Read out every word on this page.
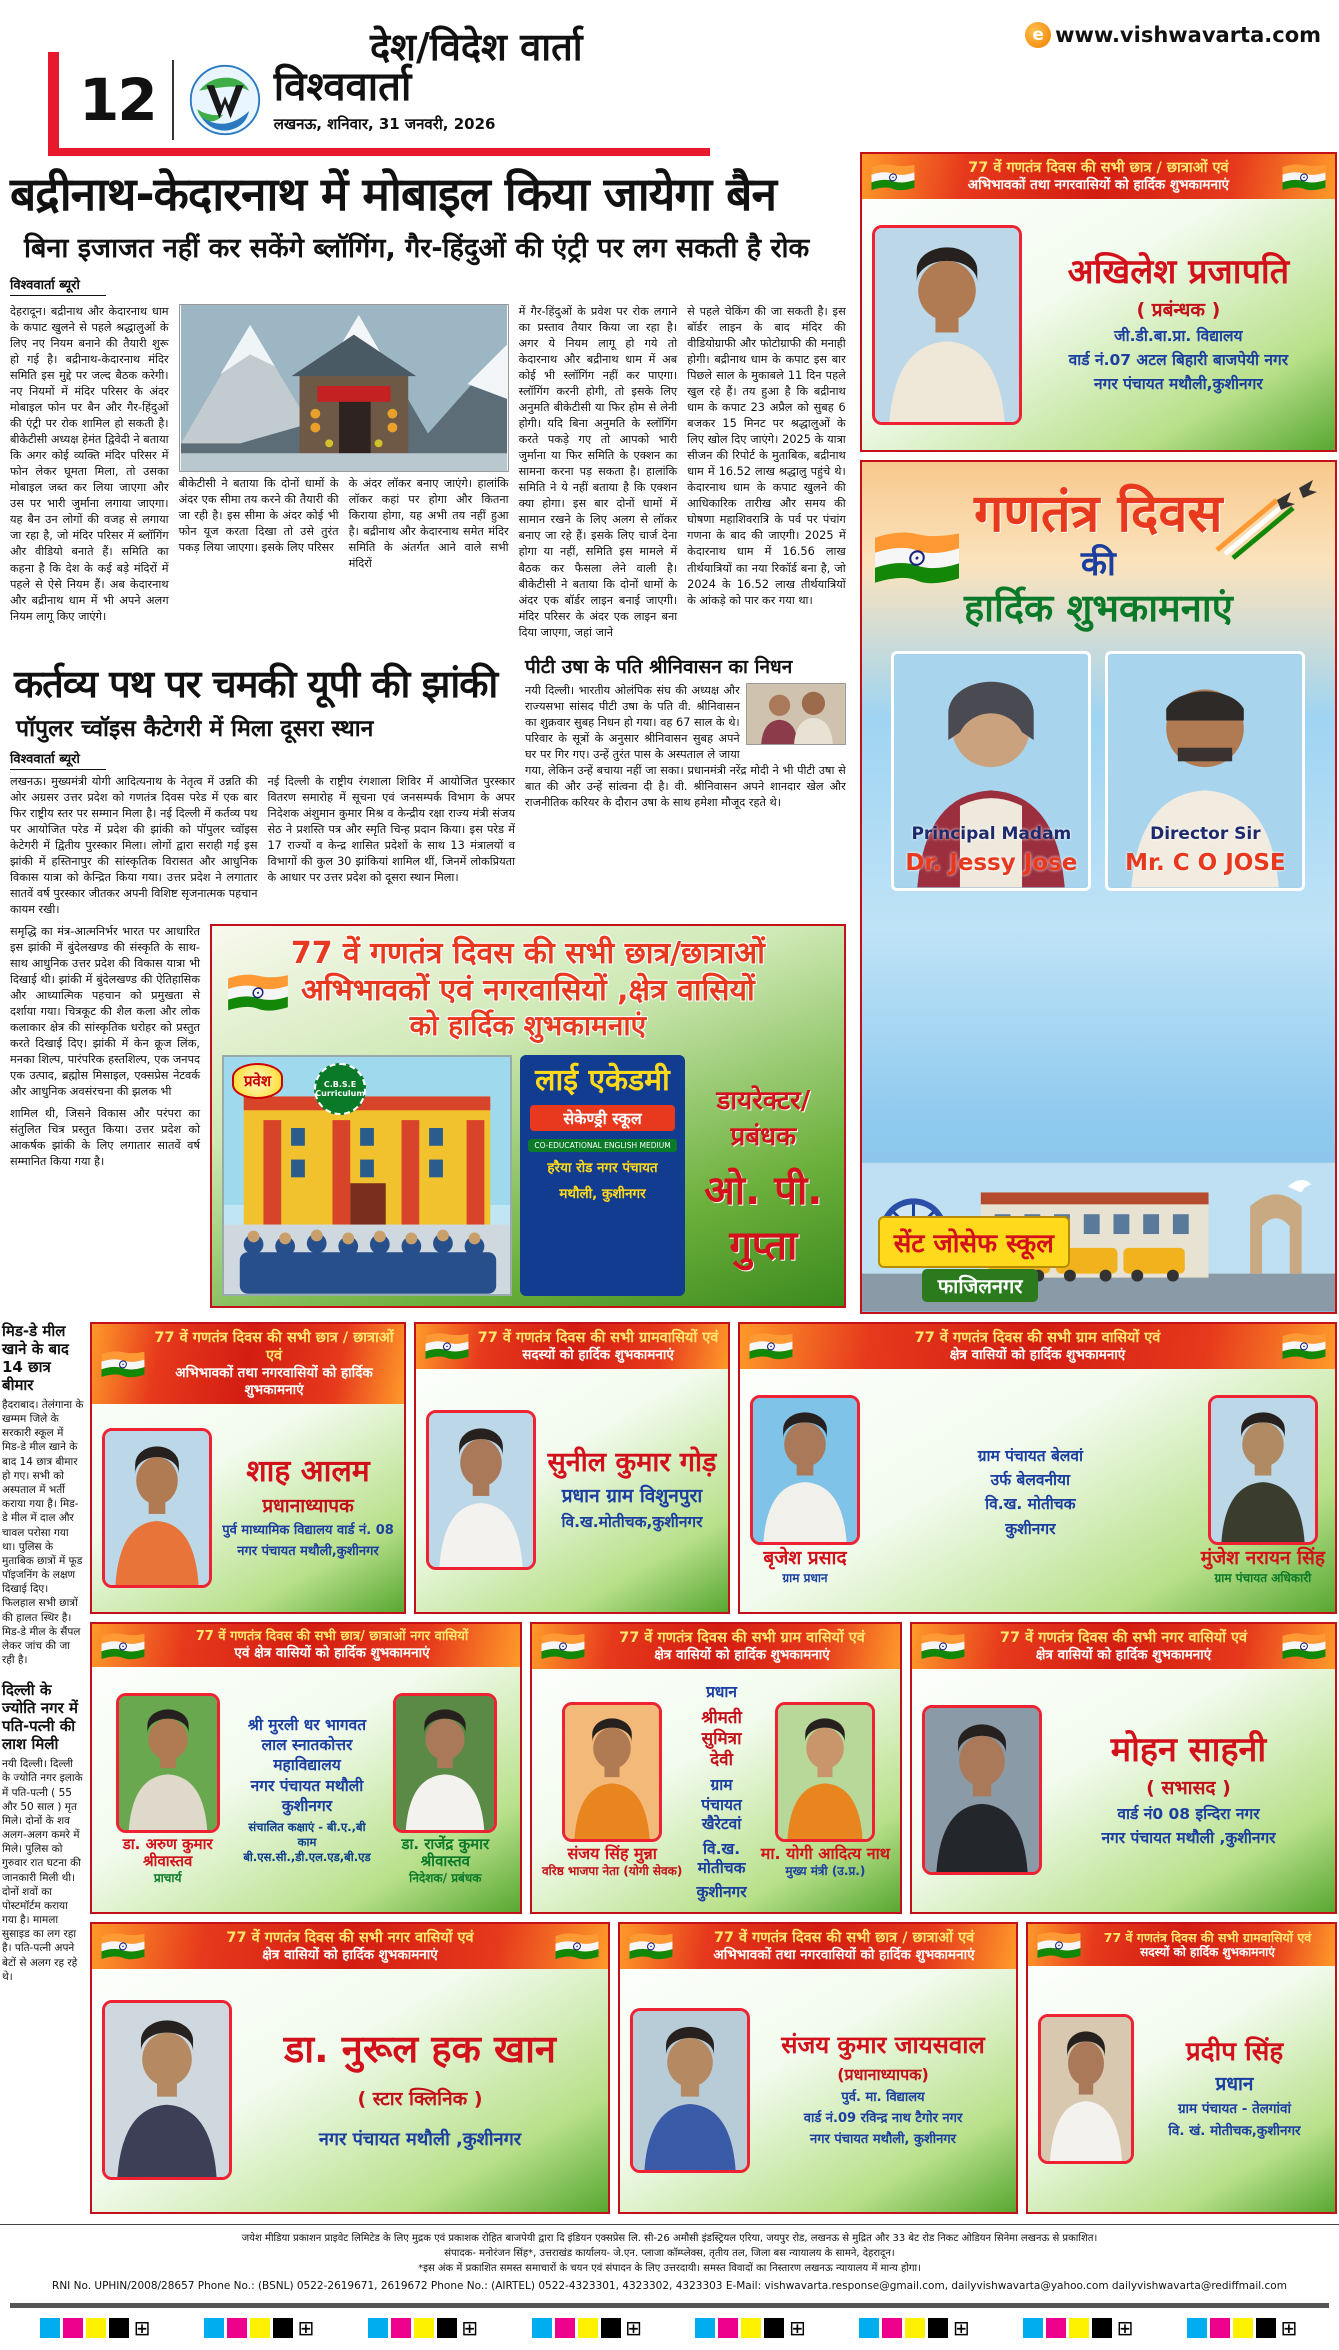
12	विश्ववार्ता
लखनऊ, शनिवार, 31 जनवरी, 2026
देश/विदेश वार्ता	e www.vishwavarta.com
बद्रीनाथ-केदारनाथ में मोबाइल किया जायेगा बैन
बिना इजाजत नहीं कर सकेंगे ब्लॉगिंग, गैर-हिंदुओं की एंट्री पर लग सकती है रोक
विश्ववार्ता ब्यूरो
देहरादून। बद्रीनाथ और केदारनाथ धाम के कपाट खुलने से पहले श्रद्धालुओं के लिए नए नियम बनाने की तैयारी शुरू हो गई है। बद्रीनाथ-केदारनाथ मंदिर समिति इस मुद्दे पर जल्द बैठक करेगी। नए नियमों में मंदिर परिसर के अंदर मोबाइल फोन पर बैन और गैर-हिंदुओं की एंट्री पर रोक शामिल हो सकती है। बीकेटीसी अध्यक्ष हेमंत द्विवेदी ने बताया कि अगर कोई व्यक्ति मंदिर परिसर में फोन लेकर घूमता मिला, तो उसका मोबाइल जब्त कर लिया जाएगा और उस पर भारी जुर्माना लगाया जाएगा। यह बैन उन लोगों की वजह से लगाया जा रहा है, जो मंदिर परिसर में ब्लॉगिंग और वीडियो बनाते हैं। समिति का कहना है कि देश के कई बड़े मंदिरों में पहले से ऐसे नियम हैं। अब केदारनाथ और बद्रीनाथ धाम में भी अपने अलग नियम लागू किए जाएंगे।
बीकेटीसी ने बताया कि दोनों धामों के अंदर एक सीमा तय करने की तैयारी की जा रही है। इस सीमा के अंदर कोई भी फोन यूज करता दिखा तो उसे तुरंत पकड़ लिया जाएगा। इसके लिए परिसर
के अंदर लॉकर बनाए जाएंगे। हालांकि लॉकर कहां पर होगा और कितना किराया होगा, यह अभी तय नहीं हुआ है। बद्रीनाथ और केदारनाथ समेत मंदिर समिति के अंतर्गत आने वाले सभी मंदिरों
में गैर-हिंदुओं के प्रवेश पर रोक लगाने का प्रस्ताव तैयार किया जा रहा है। अगर ये नियम लागू हो गये तो केदारनाथ और बद्रीनाथ धाम में अब कोई भी स्लॉगिंग नहीं कर पाएगा। स्लॉगिंग करनी होगी, तो इसके लिए अनुमति बीकेटीसी या फिर होम से लेनी होगी। यदि बिना अनुमति के स्लॉगिंग करते पकड़े गए तो आपको भारी जुर्माना या फिर समिति के एक्शन का सामना करना पड़ सकता है। हालांकि समिति ने ये नहीं बताया है कि एक्शन क्या होगा। इस बार दोनों धामों में सामान रखने के लिए अलग से लॉकर बनाए जा रहे हैं। इसके लिए चार्ज देना होगा या नहीं, समिति इस मामले में बैठक कर फैसला लेने वाली है। बीकेटीसी ने बताया कि दोनों धामों के अंदर एक बॉर्डर लाइन बनाई जाएगी। मंदिर परिसर के अंदर एक लाइन बना दिया जाएगा, जहां जाने
से पहले चेकिंग की जा सकती है। इस बॉर्डर लाइन के बाद मंदिर की वीडियोग्राफी और फोटोग्राफी की मनाही होगी। बद्रीनाथ धाम के कपाट इस बार पिछले साल के मुकाबले 11 दिन पहले खुल रहे हैं। तय हुआ है कि बद्रीनाथ धाम के कपाट 23 अप्रैल को सुबह 6 बजकर 15 मिनट पर श्रद्धालुओं के लिए खोल दिए जाएंगे। 2025 के यात्रा सीजन की रिपोर्ट के मुताबिक, बद्रीनाथ धाम में 16.52 लाख श्रद्धालु पहुंचे थे। केदारनाथ धाम के कपाट खुलने की आधिकारिक तारीख और समय की घोषणा महाशिवरात्रि के पर्व पर पंचांग गणना के बाद की जाएगी। 2025 में केदारनाथ धाम में 16.56 लाख तीर्थयात्रियों का नया रिकॉर्ड बना है, जो 2024 के 16.52 लाख तीर्थयात्रियों के आंकड़े को पार कर गया था।
कर्तव्य पथ पर चमकी यूपी की झांकी
पॉपुलर च्वॉइस कैटेगरी में मिला दूसरा स्थान
विश्ववार्ता ब्यूरो
लखनऊ। मुख्यमंत्री योगी आदित्यनाथ के नेतृत्व में उन्नति की ओर अग्रसर उत्तर प्रदेश को गणतंत्र दिवस परेड में एक बार फिर राष्ट्रीय स्तर पर सम्मान मिला है। नई दिल्ली में कर्तव्य पथ पर आयोजित परेड में प्रदेश की झांकी को पॉपुलर च्वॉइस केटेगरी में द्वितीय पुरस्कार मिला। लोगों द्वारा सराही गई इस झांकी में हस्तिनापुर की सांस्कृतिक विरासत और आधुनिक विकास यात्रा को केन्द्रित किया गया। उत्तर प्रदेश ने लगातार सातवें वर्ष पुरस्कार जीतकर अपनी विशिष्ट सृजनात्मक पहचान कायम रखी।
नई दिल्ली के राष्ट्रीय रंगशाला शिविर में आयोजित पुरस्कार वितरण समारोह में सूचना एवं जनसम्पर्क विभाग के अपर निदेशक अंशुमान कुमार मिश्र व केन्द्रीय रक्षा राज्य मंत्री संजय सेठ ने प्रशस्ति पत्र और स्मृति चिन्ह प्रदान किया। इस परेड में 17 राज्यों व केन्द्र शासित प्रदेशों के साथ 13 मंत्रालयों व विभागों की कुल 30 झांकियां शामिल थीं, जिनमें लोकप्रियता के आधार पर उत्तर प्रदेश को दूसरा स्थान मिला।
पीटी उषा के पति श्रीनिवासन का निधन
नयी दिल्ली। भारतीय ओलंपिक संघ की अध्यक्ष और राज्यसभा सांसद पीटी उषा के पति वी. श्रीनिवासन का शुक्रवार सुबह निधन हो गया। वह 67 साल के थे। परिवार के सूत्रों के अनुसार श्रीनिवासन सुबह अपने घर पर गिर गए। उन्हें तुरंत पास के अस्पताल ले जाया गया, लेकिन उन्हें बचाया नहीं जा सका। प्रधानमंत्री नरेंद्र मोदी ने भी पीटी उषा से बात की और उन्हें सांत्वना दी है। वी. श्रीनिवासन अपने शानदार खेल और राजनीतिक करियर के दौरान उषा के साथ हमेशा मौजूद रहते थे।
समृद्धि का मंत्र-आत्मनिर्भर भारत पर आधारित इस झांकी में बुंदेलखण्ड की संस्कृति के साथ-साथ आधुनिक उत्तर प्रदेश की विकास यात्रा भी दिखाई थी। झांकी में बुंदेलखण्ड की ऐतिहासिक और आध्यात्मिक पहचान को प्रमुखता से दर्शाया गया। चित्रकूट की शैल कला और लोक कलाकार क्षेत्र की सांस्कृतिक धरोहर को प्रस्तुत करते दिखाई दिए। झांकी में केन क्रूज लिंक, मनका शिल्प, पारंपरिक हस्तशिल्प, एक जनपद एक उत्पाद, ब्रह्मोस मिसाइल, एक्सप्रेस नेटवर्क और आधुनिक अवसंरचना की झलक भी
शामिल थी, जिसने विकास और परंपरा का संतुलित चित्र प्रस्तुत किया। उत्तर प्रदेश को आकर्षक झांकी के लिए लगातार सातवें वर्ष सम्मानित किया गया है।
77 वें गणतंत्र दिवस की सभी छात्र/छात्राओं
अभिभावकों एवं नगरवासियों ,क्षेत्र वासियों
को हार्दिक शुभकामनाएं
प्रवेश	C.B.S.E Curriculum	लाई एकेडमी
सेकेण्ड्री स्कूल
CO-EDUCATIONAL ENGLISH MEDIUM
हरैया रोड नगर पंचायत
मथौली, कुशीनगर
डायरेक्टर/ प्रबंधक
ओ. पी. गुप्ता
77 वें गणतंत्र दिवस की सभी छात्र / छात्राओं एवं
अभिभावकों तथा नगरवासियों को हार्दिक शुभकामनाएं
अखिलेश प्रजापति
( प्रबंन्धक )
जी.डी.बा.प्रा. विद्यालय
वार्ड नं.07 अटल बिहारी बाजपेयी नगर
नगर पंचायत मथौली,कुशीनगर
गणतंत्र दिवस
की
हार्दिक शुभकामनाएं
Principal Madam
Dr. Jessy Jose
Director Sir
Mr. C O JOSE
सेंट जोसेफ स्कूल
फाजिलनगर
मिड-डे मील खाने के बाद 14 छात्र बीमार
हैदराबाद। तेलंगाना के खम्मम जिले के सरकारी स्कूल में मिड-डे मील खाने के बाद 14 छात्र बीमार हो गए। सभी को अस्पताल में भर्ती कराया गया है। मिड-डे मील में दाल और चावल परोसा गया था। पुलिस के मुताबिक छात्रों में फूड पॉइजनिंग के लक्षण दिखाई दिए। फिलहाल सभी छात्रों की हालत स्थिर है। मिड-डे मील के सैंपल लेकर जांच की जा रही है।
दिल्ली के ज्योति नगर में पति-पत्नी की लाश मिली
नयी दिल्ली। दिल्ली के ज्योति नगर इलाके में पति-पत्नी ( 55 और 50 साल ) मृत मिले। दोनों के शव अलग-अलग कमरे में मिले। पुलिस को गुरुवार रात घटना की जानकारी मिली थी। दोनों शवों का पोस्टमॉर्टम कराया गया है। मामला सुसाइड का लग रहा है। पति-पत्नी अपने बेटों से अलग रह रहे थे।
77 वें गणतंत्र दिवस की सभी छात्र / छात्राओं एवं
अभिभावकों तथा नगरवासियों को हार्दिक शुभकामनाएं
शाह आलम
प्रधानाध्यापक
पुर्व माध्यामिक विद्यालय वार्ड नं. 08
नगर पंचायत मथौली,कुशीनगर
77 वें गणतंत्र दिवस की सभी ग्रामवासियों एवं
सदस्यों को हार्दिक शुभकामनाएं
सुनील कुमार गोड़
प्रधान ग्राम विशुनपुरा
वि.ख.मोतीचक,कुशीनगर
77 वें गणतंत्र दिवस की सभी ग्राम वासियों एवं
क्षेत्र वासियों को हार्दिक शुभकामनाएं
बृजेश प्रसाद
ग्राम प्रधान
ग्राम पंचायत बेलवां
उर्फ बेलवनीया
वि.ख. मोतीचक
कुशीनगर
मुंजेश नरायन सिंह
ग्राम पंचायत अधिकारी
77 वें गणतंत्र दिवस की सभी छात्र/ छात्राओं नगर वासियों
एवं क्षेत्र वासियों को हार्दिक शुभकामनाएं
डा. अरुण कुमार श्रीवास्तव
प्राचार्य
श्री मुरली धर भागवत
लाल स्नातकोत्तर
महाविद्यालय
नगर पंचायत मथौली
कुशीनगर
संचालित कक्षाएं - बी.ए.,बी काम
बी.एस.सी.,डी.एल.एड,बी.एड
डा. राजेंद्र कुमार श्रीवास्तव
निदेशक/ प्रबंधक
77 वें गणतंत्र दिवस की सभी ग्राम वासियों एवं
क्षेत्र वासियों को हार्दिक शुभकामनाएं
संजय सिंह मुन्ना
वरिष्ठ भाजपा नेता (योगी सेवक)
प्रधान
श्रीमती सुमित्रा देवी
ग्राम पंचायत खैरेटवां
वि.ख. मोतीचक
कुशीनगर
मा. योगी आदित्य नाथ
मुख्य मंत्री (उ.प्र.)
77 वें गणतंत्र दिवस की सभी नगर वासियों एवं
क्षेत्र वासियों को हार्दिक शुभकामनाएं
मोहन साहनी
( सभासद )
वार्ड नं0 08 इन्दिरा नगर
नगर पंचायत मथौली ,कुशीनगर
77 वें गणतंत्र दिवस की सभी नगर वासियों एवं
क्षेत्र वासियों को हार्दिक शुभकामनाएं
डा. नुरूल हक खान
( स्टार क्लिनिक )
नगर पंचायत मथौली ,कुशीनगर
77 वें गणतंत्र दिवस की सभी छात्र / छात्राओं एवं
अभिभावकों तथा नगरवासियों को हार्दिक शुभकामनाएं
संजय कुमार जायसवाल
(प्रधानाध्यापक)
पुर्व. मा. विद्यालय
वार्ड नं.09 रविन्द्र नाथ टैगोर नगर
नगर पंचायत मथौली, कुशीनगर
77 वें गणतंत्र दिवस की सभी ग्रामवासियों एवं
सदस्यों को हार्दिक शुभकामनाएं
प्रदीप सिंह
प्रधान
ग्राम पंचायत - तेलगांवां
वि. खं. मोतीचक,कुशीनगर
जयेश मीडिया प्रकाशन प्राइवेट लिमिटेड के लिए मुद्रक एवं प्रकाशक रोहित बाजपेयी द्वारा दि इंडियन एक्सप्रेस लि. सी-26 अमौसी इंडस्ट्रियल एरिया, जयपुर रोड, लखनऊ से मुद्रित और 33 बेट रोड निकट ओडियन सिनेमा लखनऊ से प्रकाशित।
संपादक- मनोरंजन सिंह*, उत्तराखंड कार्यालय- जे.एन. प्लाजा कॉम्प्लेक्स, तृतीय तल, जिला बस न्यायालय के सामने, देहरादून।
*इस अंक में प्रकाशित समस्त समाचारों के चयन एवं संपादन के लिए उत्तरदायी। समस्त विवादों का निस्तारण लखनऊ न्यायालय में मान्य होगा।
RNI No. UPHIN/2008/28657 Phone No.: (BSNL) 0522-2619671, 2619672 Phone No.: (AIRTEL) 0522-4323301, 4323302, 4323303 E-Mail: vishwavarta.response@gmail.com, dailyvishwavarta@yahoo.com dailyvishwavarta@rediffmail.com
⊞	⊞	⊞	⊞	⊞	⊞	⊞	⊞
